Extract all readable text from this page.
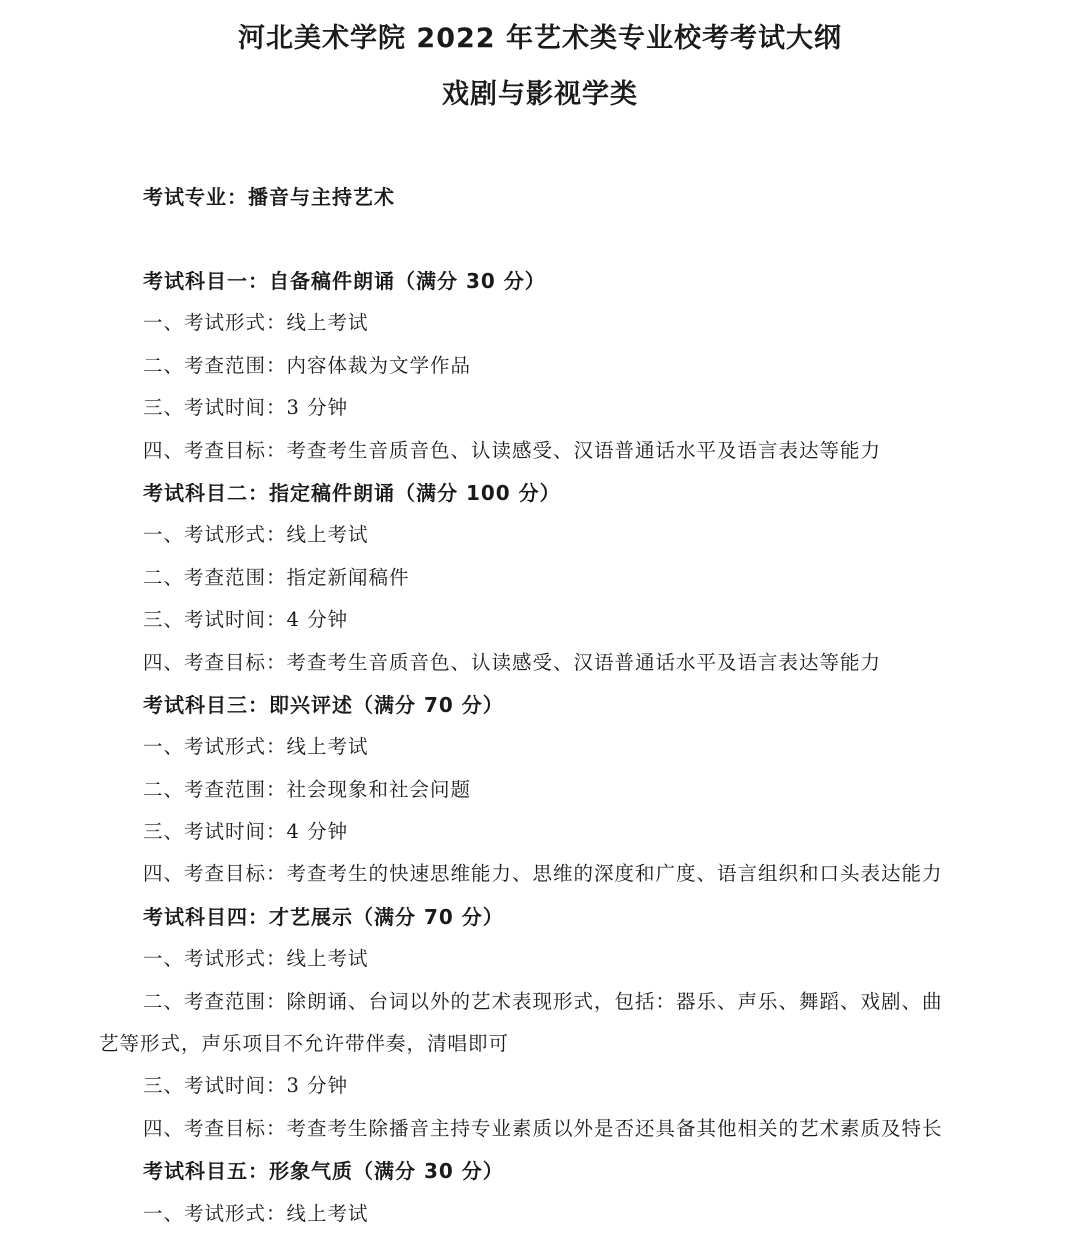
河北美术学院 2022 年艺术类专业校考考试大纲
戏剧与影视学类
考试专业：播音与主持艺术
考试科目一：自备稿件朗诵（满分 30 分）
一、考试形式：线上考试
二、考查范围：内容体裁为文学作品
三、考试时间：3 分钟
四、考查目标：考查考生音质音色、认读感受、汉语普通话水平及语言表达等能力
考试科目二：指定稿件朗诵（满分 100 分）
一、考试形式：线上考试
二、考查范围：指定新闻稿件
三、考试时间：4 分钟
四、考查目标：考查考生音质音色、认读感受、汉语普通话水平及语言表达等能力
考试科目三：即兴评述（满分 70 分）
一、考试形式：线上考试
二、考查范围：社会现象和社会问题
三、考试时间：4 分钟
四、考查目标：考查考生的快速思维能力、思维的深度和广度、语言组织和口头表达能力
考试科目四：才艺展示（满分 70 分）
一、考试形式：线上考试
二、考查范围：除朗诵、台词以外的艺术表现形式，包括：器乐、声乐、舞蹈、戏剧、曲
艺等形式，声乐项目不允许带伴奏，清唱即可
三、考试时间：3 分钟
四、考查目标：考查考生除播音主持专业素质以外是否还具备其他相关的艺术素质及特长
考试科目五：形象气质（满分 30 分）
一、考试形式：线上考试
